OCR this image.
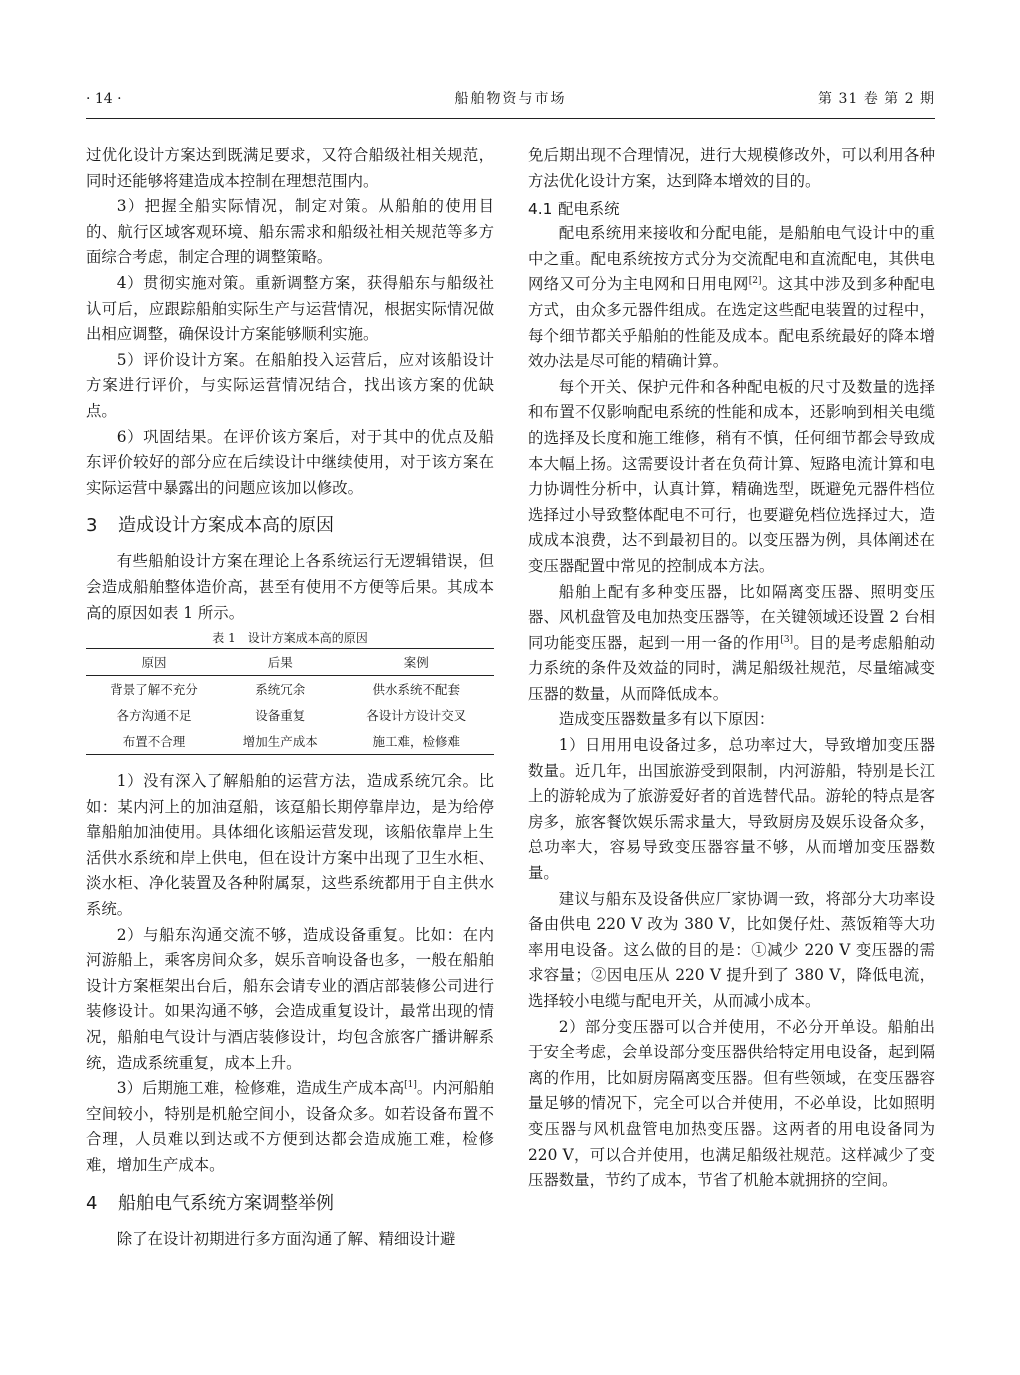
· 14 ·	船舶物资与市场	第 31 卷 第 2 期

过优化设计方案达到既满足要求，又符合船级社相关规范，同时还能够将建造成本控制在理想范围内。

3）把握全船实际情况，制定对策。从船舶的使用目的、航行区域客观环境、船东需求和船级社相关规范等多方面综合考虑，制定合理的调整策略。

4）贯彻实施对策。重新调整方案，获得船东与船级社认可后，应跟踪船舶实际生产与运营情况，根据实际情况做出相应调整，确保设计方案能够顺利实施。

5）评价设计方案。在船舶投入运营后，应对该船设计方案进行评价，与实际运营情况结合，找出该方案的优缺点。

6）巩固结果。在评价该方案后，对于其中的优点及船东评价较好的部分应在后续设计中继续使用，对于该方案在实际运营中暴露出的问题应该加以修改。

3 造成设计方案成本高的原因

有些船舶设计方案在理论上各系统运行无逻辑错误，但会造成船舶整体造价高，甚至有使用不方便等后果。其成本高的原因如表 1 所示。

表 1　设计方案成本高的原因
原因	后果	案例
背景了解不充分	系统冗余	供水系统不配套
各方沟通不足	设备重复	各设计方设计交叉
布置不合理	增加生产成本	施工难，检修难

1）没有深入了解船舶的运营方法，造成系统冗余。比如：某内河上的加油趸船，该趸船长期停靠岸边，是为给停靠船舶加油使用。具体细化该船运营发现，该船依靠岸上生活供水系统和岸上供电，但在设计方案中出现了卫生水柜、淡水柜、净化装置及各种附属泵，这些系统都用于自主供水系统。

2）与船东沟通交流不够，造成设备重复。比如：在内河游船上，乘客房间众多，娱乐音响设备也多，一般在船舶设计方案框架出台后，船东会请专业的酒店部装修公司进行装修设计。如果沟通不够，会造成重复设计，最常出现的情况，船舶电气设计与酒店装修设计，均包含旅客广播讲解系统，造成系统重复，成本上升。

3）后期施工难，检修难，造成生产成本高[1]。内河船舶空间较小，特别是机舱空间小，设备众多。如若设备布置不合理，人员难以到达或不方便到达都会造成施工难，检修难，增加生产成本。

4 船舶电气系统方案调整举例

除了在设计初期进行多方面沟通了解、精细设计避

免后期出现不合理情况，进行大规模修改外，可以利用各种方法优化设计方案，达到降本增效的目的。

4.1 配电系统

配电系统用来接收和分配电能，是船舶电气设计中的重中之重。配电系统按方式分为交流配电和直流配电，其供电网络又可分为主电网和日用电网[2]。这其中涉及到多种配电方式，由众多元器件组成。在选定这些配电装置的过程中，每个细节都关乎船舶的性能及成本。配电系统最好的降本增效办法是尽可能的精确计算。

每个开关、保护元件和各种配电板的尺寸及数量的选择和布置不仅影响配电系统的性能和成本，还影响到相关电缆的选择及长度和施工维修，稍有不慎，任何细节都会导致成本大幅上扬。这需要设计者在负荷计算、短路电流计算和电力协调性分析中，认真计算，精确选型，既避免元器件档位选择过小导致整体配电不可行，也要避免档位选择过大，造成成本浪费，达不到最初目的。以变压器为例，具体阐述在变压器配置中常见的控制成本方法。

船舶上配有多种变压器，比如隔离变压器、照明变压器、风机盘管及电加热变压器等，在关键领域还设置 2 台相同功能变压器，起到一用一备的作用[3]。目的是考虑船舶动力系统的条件及效益的同时，满足船级社规范，尽量缩减变压器的数量，从而降低成本。

造成变压器数量多有以下原因：

1）日用用电设备过多，总功率过大，导致增加变压器数量。近几年，出国旅游受到限制，内河游船，特别是长江上的游轮成为了旅游爱好者的首选替代品。游轮的特点是客房多，旅客餐饮娱乐需求量大，导致厨房及娱乐设备众多，总功率大，容易导致变压器容量不够，从而增加变压器数量。

建议与船东及设备供应厂家协调一致，将部分大功率设备由供电 220 V 改为 380 V，比如煲仔灶、蒸饭箱等大功率用电设备。这么做的目的是：①减少 220 V 变压器的需求容量；②因电压从 220 V 提升到了 380 V，降低电流，选择较小电缆与配电开关，从而减小成本。

2）部分变压器可以合并使用，不必分开单设。船舶出于安全考虑，会单设部分变压器供给特定用电设备，起到隔离的作用，比如厨房隔离变压器。但有些领域，在变压器容量足够的情况下，完全可以合并使用，不必单设，比如照明变压器与风机盘管电加热变压器。这两者的用电设备同为 220 V，可以合并使用，也满足船级社规范。这样减少了变压器数量，节约了成本，节省了机舱本就拥挤的空间。
